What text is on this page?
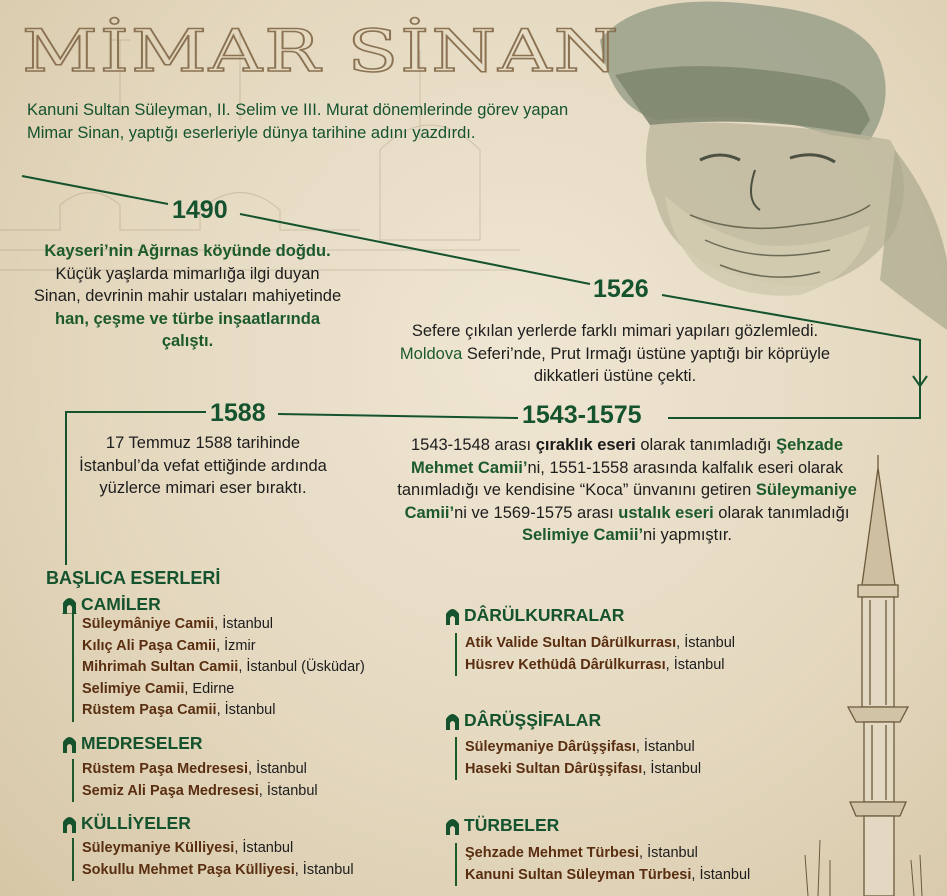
MİMAR SİNAN

Kanuni Sultan Süleyman, II. Selim ve III. Murat dönemlerinde görev yapan Mimar Sinan, yaptığı eserleriyle dünya tarihine adını yazdırdı.

1490

Kayseri’nin Ağırnas köyünde doğdu. Küçük yaşlarda mimarlığa ilgi duyan Sinan, devrinin mahir ustaları mahiyetinde han, çeşme ve türbe inşaatlarında çalıştı.

1526

Sefere çıkılan yerlerde farklı mimari yapıları gözlemledi. Moldova Seferi’nde, Prut Irmağı üstüne yaptığı bir köprüyle dikkatleri üstüne çekti.

1588

17 Temmuz 1588 tarihinde İstanbul’da vefat ettiğinde ardında yüzlerce mimari eser bıraktı.

1543-1575

1543-1548 arası çıraklık eseri olarak tanımladığı Şehzade Mehmet Camii’ni, 1551-1558 arasında kalfalık eseri olarak tanımladığı ve kendisine “Koca” ünvanını getiren Süleymaniye Camii’ni ve 1569-1575 arası ustalık eseri olarak tanımladığı Selimiye Camii’ni yapmıştır.

BAŞLICA ESERLERİ
CAMİLER
Süleymâniye Camii, İstanbul
Kılıç Ali Paşa Camii, İzmir
Mihrimah Sultan Camii, İstanbul (Üsküdar)
Selimiye Camii, Edirne
Rüstem Paşa Camii, İstanbul
MEDRESELER
Rüstem Paşa Medresesi, İstanbul
Semiz Ali Paşa Medresesi, İstanbul
KÜLLİYELER
Süleymaniye Külliyesi, İstanbul
Sokullu Mehmet Paşa Külliyesi, İstanbul
DÂRÜLKURRALAR
Atik Valide Sultan Dârülkurrası, İstanbul
Hüsrev Kethüdâ Dârülkurrası, İstanbul
DÂRÜŞŞİFALAR
Süleymaniye Dârüşşifası, İstanbul
Haseki Sultan Dârüşşifası, İstanbul
TÜRBELER
Şehzade Mehmet Türbesi, İstanbul
Kanuni Sultan Süleyman Türbesi, İstanbul
